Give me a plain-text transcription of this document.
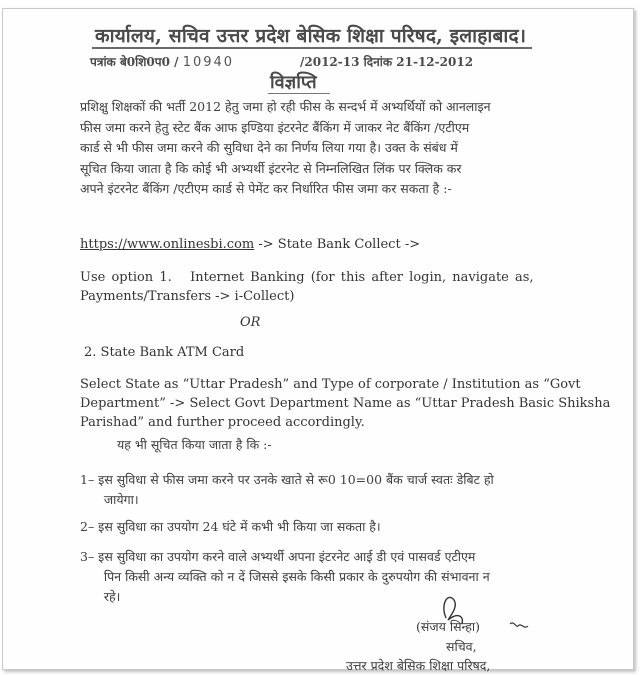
कार्यालय, सचिव उत्तर प्रदेश बेसिक शिक्षा परिषद, इलाहाबाद।
पत्रांक बे0शि0प0 / 10940	/2012-13 दिनांक 21-12-2012
विज्ञप्ति
प्रशिक्षु शिक्षकों की भर्ती 2012 हेतु जमा हो रही फीस के सन्दर्भ में अभ्यर्थियों को आनलाइन
फीस जमा करने हेतु स्टेट बैंक आफ इण्डिया इंटरनेट बैंकिंग में जाकर नेट बैंकिंग /एटीएम
कार्ड से भी फीस जमा करने की सुविधा देने का निर्णय लिया गया है। उक्त के संबंध में
सूचित किया जाता है कि कोई भी अभ्यर्थी इंटरनेट से निम्नलिखित लिंक पर क्लिक कर
अपने इंटरनेट बैंकिंग /एटीएम कार्ड से पेमेंट कर निर्धारित फीस जमा कर सकता है :-
https://www.onlinesbi.com -> State Bank Collect ->
Use option 1.   Internet Banking (for this after login, navigate as,
Payments/Transfers -> i-Collect)
OR
2. State Bank ATM Card
Select State as “Uttar Pradesh” and Type of corporate / Institution as “Govt
Department” -> Select Govt Department Name as “Uttar Pradesh Basic Shiksha
Parishad” and further proceed accordingly.
यह भी सूचित किया जाता है कि :-
1– इस सुविधा से फीस जमा करने पर उनके खाते से रू0 10=00 बैंक चार्ज स्वतः डेबिट हो
जायेगा।
2– इस सुविधा का उपयोग 24 घंटे में कभी भी किया जा सकता है।
3– इस सुविधा का उपयोग करने वाले अभ्यर्थी अपना इंटरनेट आई डी एवं पासवर्ड एटीएम
पिन किसी अन्य व्यक्ति को न दें जिससे इसके किसी प्रकार के दुरुपयोग की संभावना न
रहे।
(संजय सिन्हा)
सचिव,
उत्तर प्रदेश बेसिक शिक्षा परिषद,
